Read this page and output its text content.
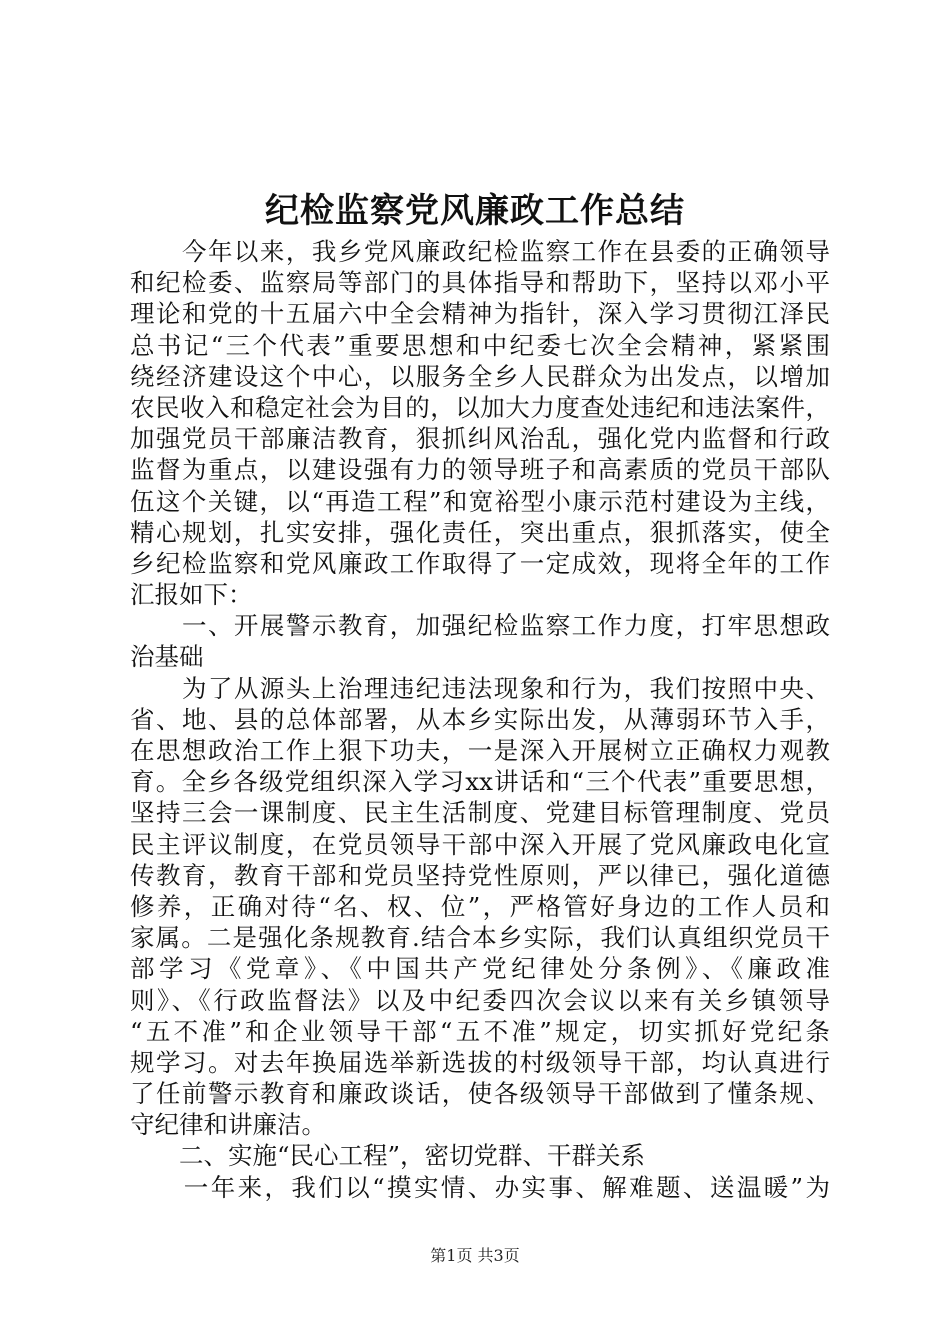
纪检监察党风廉政工作总结
　　今年以来，我乡党风廉政纪检监察工作在县委的正确领导
和纪检委、监察局等部门的具体指导和帮助下，坚持以邓小平
理论和党的十五届六中全会精神为指针，深入学习贯彻江泽民
总书记“三个代表”重要思想和中纪委七次全会精神，紧紧围
绕经济建设这个中心，以服务全乡人民群众为出发点，以增加
农民收入和稳定社会为目的，以加大力度查处违纪和违法案件，
加强党员干部廉洁教育，狠抓纠风治乱，强化党内监督和行政
监督为重点，以建设强有力的领导班子和高素质的党员干部队
伍这个关键，以“再造工程”和宽裕型小康示范村建设为主线，
精心规划，扎实安排，强化责任，突出重点，狠抓落实，使全
乡纪检监察和党风廉政工作取得了一定成效，现将全年的工作
汇报如下：
　　一、开展警示教育，加强纪检监察工作力度，打牢思想政
治基础
　　为了从源头上治理违纪违法现象和行为，我们按照中央、
省、地、县的总体部署，从本乡实际出发，从薄弱环节入手，
在思想政治工作上狠下功夫，一是深入开展树立正确权力观教
育。全乡各级党组织深入学习xx讲话和“三个代表”重要思想，
坚持三会一课制度、民主生活制度、党建目标管理制度、党员
民主评议制度，在党员领导干部中深入开展了党风廉政电化宣
传教育，教育干部和党员坚持党性原则，严以律已，强化道德
修养，正确对待“名、权、位”，严格管好身边的工作人员和
家属。二是强化条规教育.结合本乡实际，我们认真组织党员干
部学习《党章》、《中国共产党纪律处分条例》、《廉政准
则》、《行政监督法》以及中纪委四次会议以来有关乡镇领导
“五不准”和企业领导干部“五不准”规定，切实抓好党纪条
规学习。对去年换届选举新选拔的村级领导干部，均认真进行
了任前警示教育和廉政谈话，使各级领导干部做到了懂条规、
守纪律和讲廉洁。
　　二、实施“民心工程”，密切党群、干群关系
　　一年来，我们以“摸实情、办实事、解难题、送温暖”为
第1页 共3页
